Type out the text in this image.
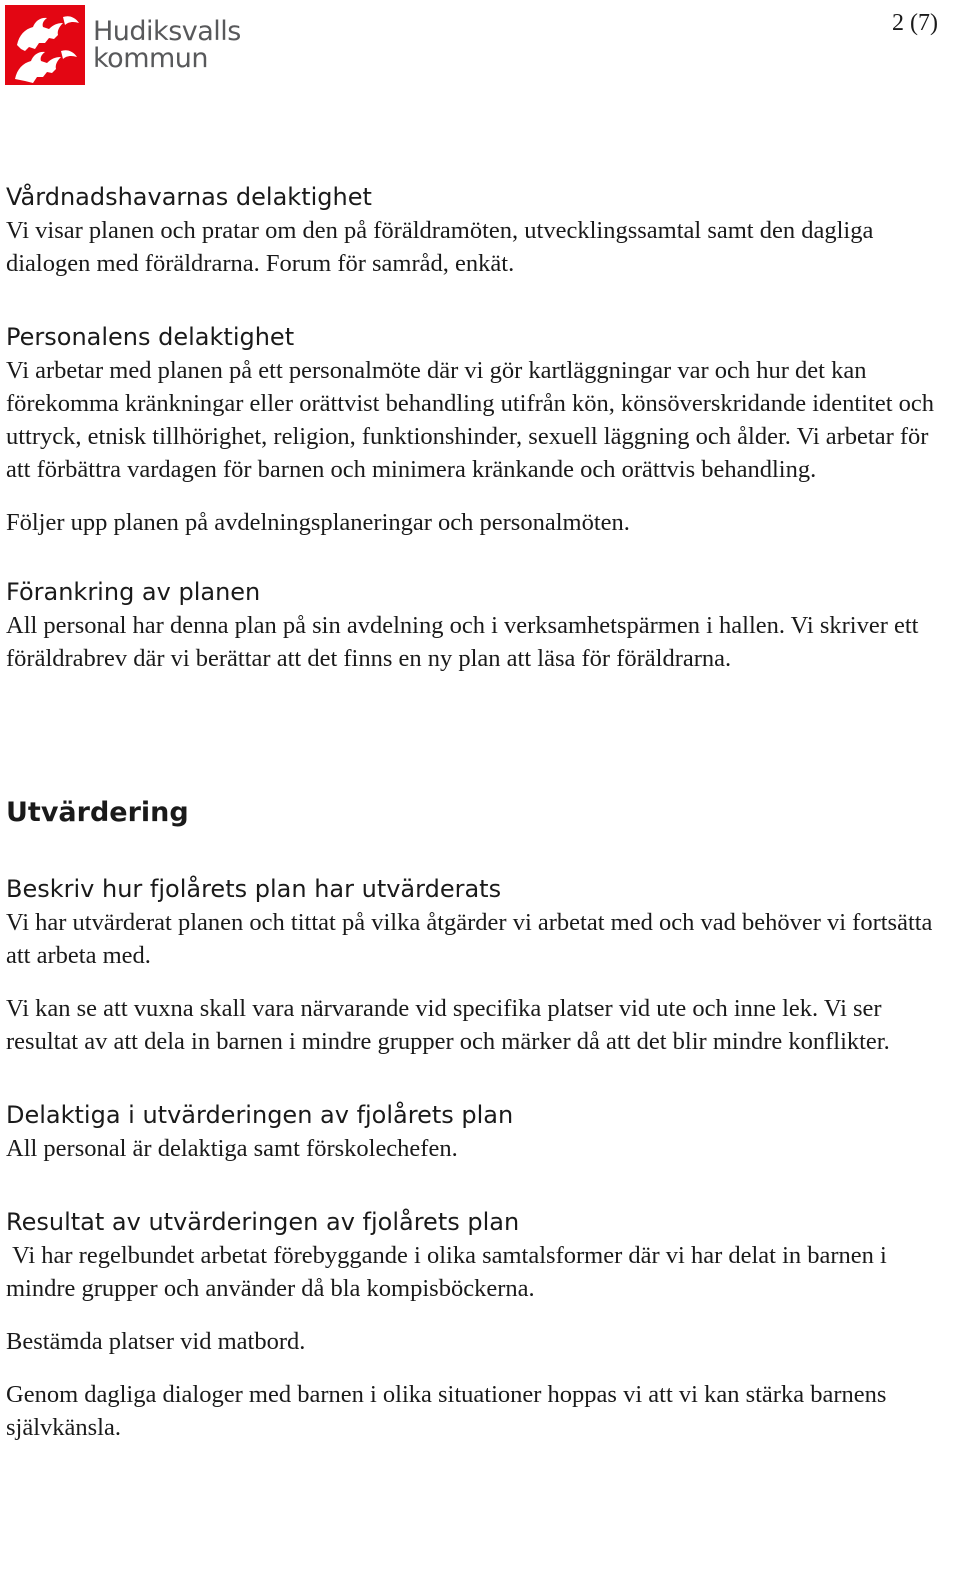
Hudiksvalls
kommun
2 (7)
Vårdnadshavarnas delaktighet

Vi visar planen och pratar om den på föräldramöten, utvecklingssamtal samt den dagliga dialogen med föräldrarna. Forum för samråd, enkät.

Personalens delaktighet

Vi arbetar med planen på ett personalmöte där vi gör kartläggningar var och hur det kan förekomma kränkningar eller orättvist behandling utifrån kön, könsöverskridande identitet och uttryck, etnisk tillhörighet, religion, funktionshinder, sexuell läggning och ålder. Vi arbetar för att förbättra vardagen för barnen och minimera kränkande och orättvis behandling.

Följer upp planen på avdelningsplaneringar och personalmöten.

Förankring av planen

All personal har denna plan på sin avdelning och i verksamhetspärmen i hallen. Vi skriver ett föräldrabrev där vi berättar att det finns en ny plan att läsa för föräldrarna.

Utvärdering
Beskriv hur fjolårets plan har utvärderats

Vi har utvärderat planen och tittat på vilka åtgärder vi arbetat med och vad behöver vi fortsätta att arbeta med.

Vi kan se att vuxna skall vara närvarande vid specifika platser vid ute och inne lek. Vi ser resultat av att dela in barnen i mindre grupper och märker då att det blir mindre konflikter.

Delaktiga i utvärderingen av fjolårets plan

All personal är delaktiga samt förskolechefen.

Resultat av utvärderingen av fjolårets plan

Vi har regelbundet arbetat förebyggande i olika samtalsformer där vi har delat in barnen i mindre grupper och använder då bla kompisböckerna.

Bestämda platser vid matbord.

Genom dagliga dialoger med barnen i olika situationer hoppas vi att vi kan stärka barnens självkänsla.
